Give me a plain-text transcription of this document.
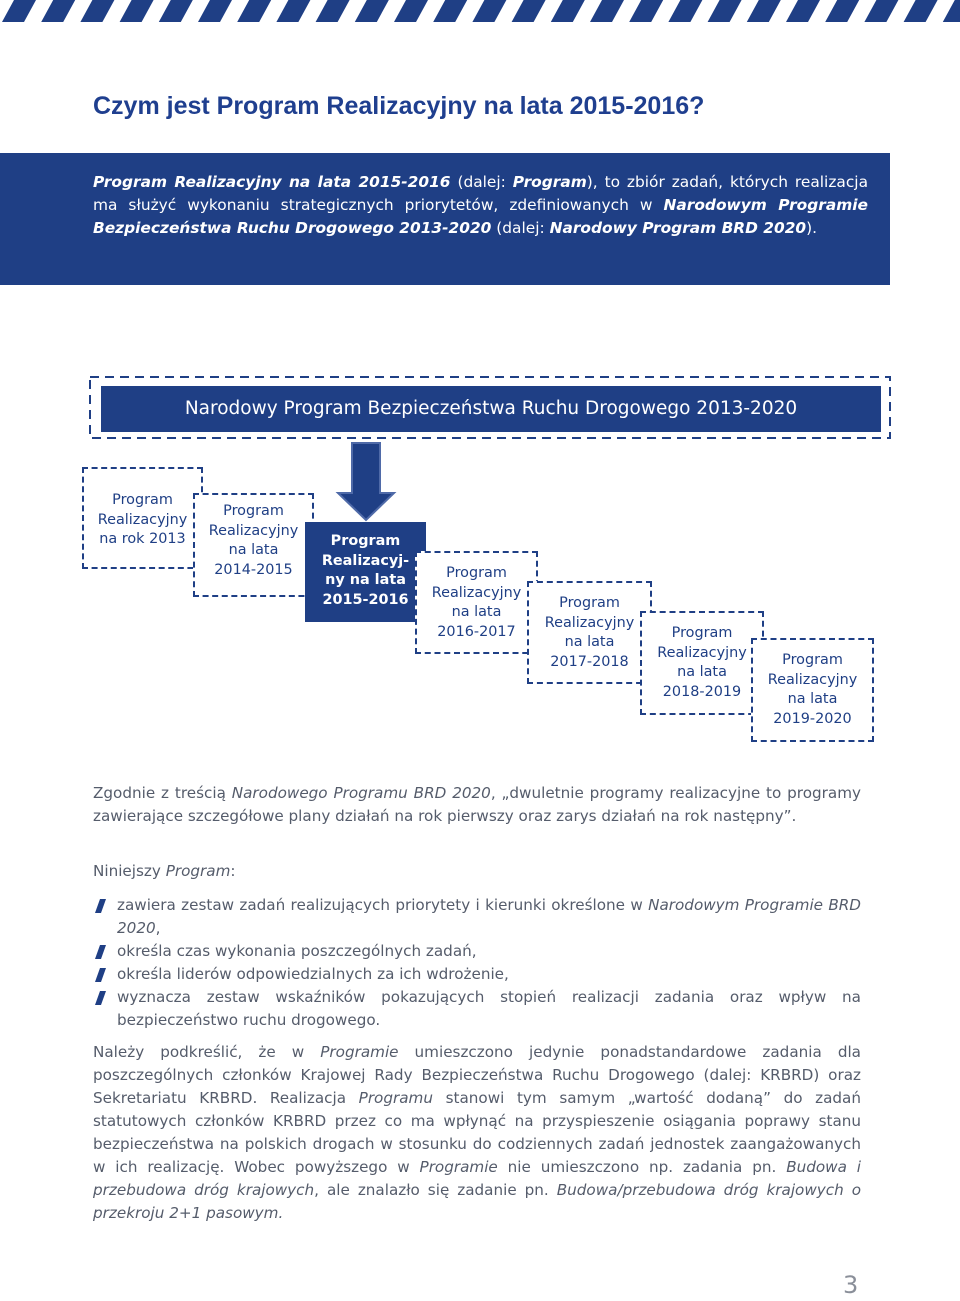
Czym jest Program Realizacyjny na lata 2015-2016?

Program Realizacyjny na lata 2015-2016 (dalej: Program), to zbiór zadań, których realizacja ma służyć wykonaniu strategicznych priorytetów, zdefiniowanych w Narodowym Programie Bezpieczeństwa Ruchu Drogowego 2013-2020 (dalej: Narodowy Program BRD 2020).

Narodowy Program Bezpieczeństwa Ruchu Drogowego 2013-2020
Program
Realizacyjny
na rok 2013
Program
Realizacyjny
na lata
2014-2015
Program
Realizacyj-
ny na lata
2015-2016
Program
Realizacyjny
na lata
2016-2017
Program
Realizacyjny
na lata
2017-2018
Program
Realizacyjny
na lata
2018-2019
Program
Realizacyjny
na lata
2019-2020

Zgodnie z treścią Narodowego Programu BRD 2020, „dwuletnie programy realizacyjne to programy zawierające szczegółowe plany działań na rok pierwszy oraz zarys działań na rok następny”.

Niniejszy Program:

zawiera zestaw zadań realizujących priorytety i kierunki określone w Narodowym Programie BRD 2020,
określa czas wykonania poszczególnych zadań,
określa liderów odpowiedzialnych za ich wdrożenie,
wyznacza zestaw wskaźników pokazujących stopień realizacji zadania oraz wpływ na bezpieczeństwo ruchu drogowego.

Należy podkreślić, że w Programie umieszczono jedynie ponadstandardowe zadania dla poszczególnych członków Krajowej Rady Bezpieczeństwa Ruchu Drogowego (dalej: KRBRD) oraz Sekretariatu KRBRD. Realizacja Programu stanowi tym samym „wartość dodaną” do zadań statutowych członków KRBRD przez co ma wpłynąć na przyspieszenie osiągania poprawy stanu bezpieczeństwa na polskich drogach w stosunku do codziennych zadań jednostek zaangażowanych w ich realizację. Wobec powyższego w Programie nie umieszczono np. zadania pn. Budowa i przebudowa dróg krajowych, ale znalazło się zadanie pn. Budowa/przebudowa dróg krajowych o przekroju 2+1 pasowym.

3
